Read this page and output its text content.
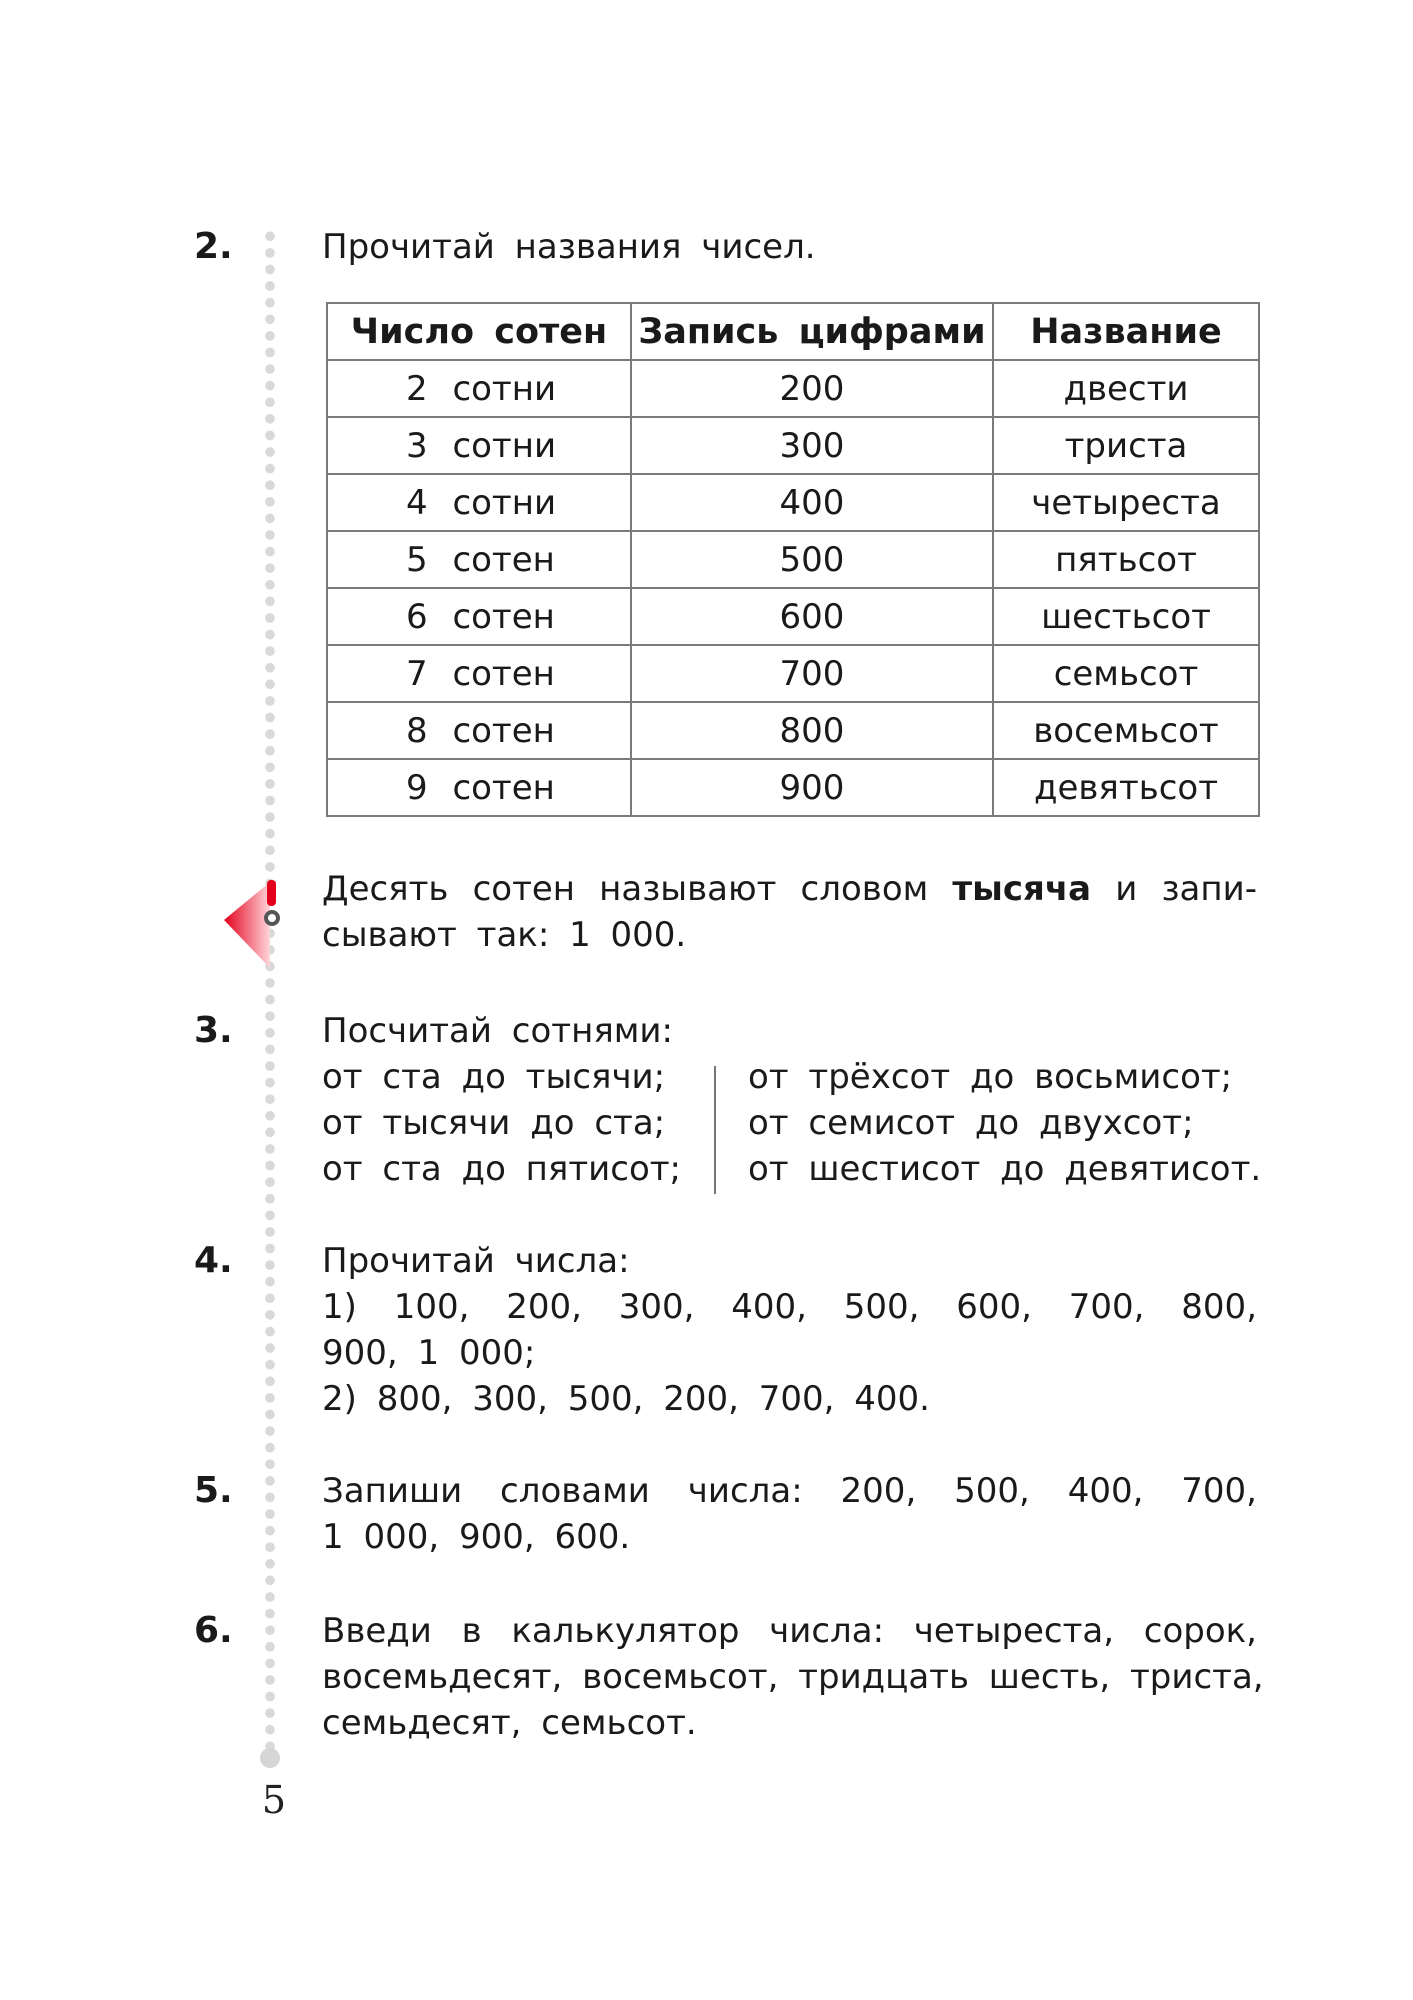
5
2.	Прочитай названия чисел.
Число сотен	Запись цифрами	Название
2 сотни	200	двести
3 сотни	300	триста
4 сотни	400	четыреста
5 сотен	500	пятьсот
6 сотен	600	шестьсот
7 сотен	700	семьсот
8 сотен	800	восемьсот
9 сотен	900	девятьсот
Десять сотен называют словом тысяча и запи-
сывают так: 1 000.
3.	Посчитай сотнями:
от ста до тысячи;
от тысячи до ста;
от ста до пятисот;
от трёхсот до восьмисот;
от семисот до двухсот;
от шестисот до девятисот.
4.	Прочитай числа:
1) 100, 200, 300, 400, 500, 600, 700, 800,
900, 1 000;
2) 800, 300, 500, 200, 700, 400.
5.	Запиши словами числа: 200, 500, 400, 700,
1 000, 900, 600.
6.	Введи в калькулятор числа: четыреста, сорок,
восемьдесят, восемьсот, тридцать шесть, триста,
семьдесят, семьсот.
